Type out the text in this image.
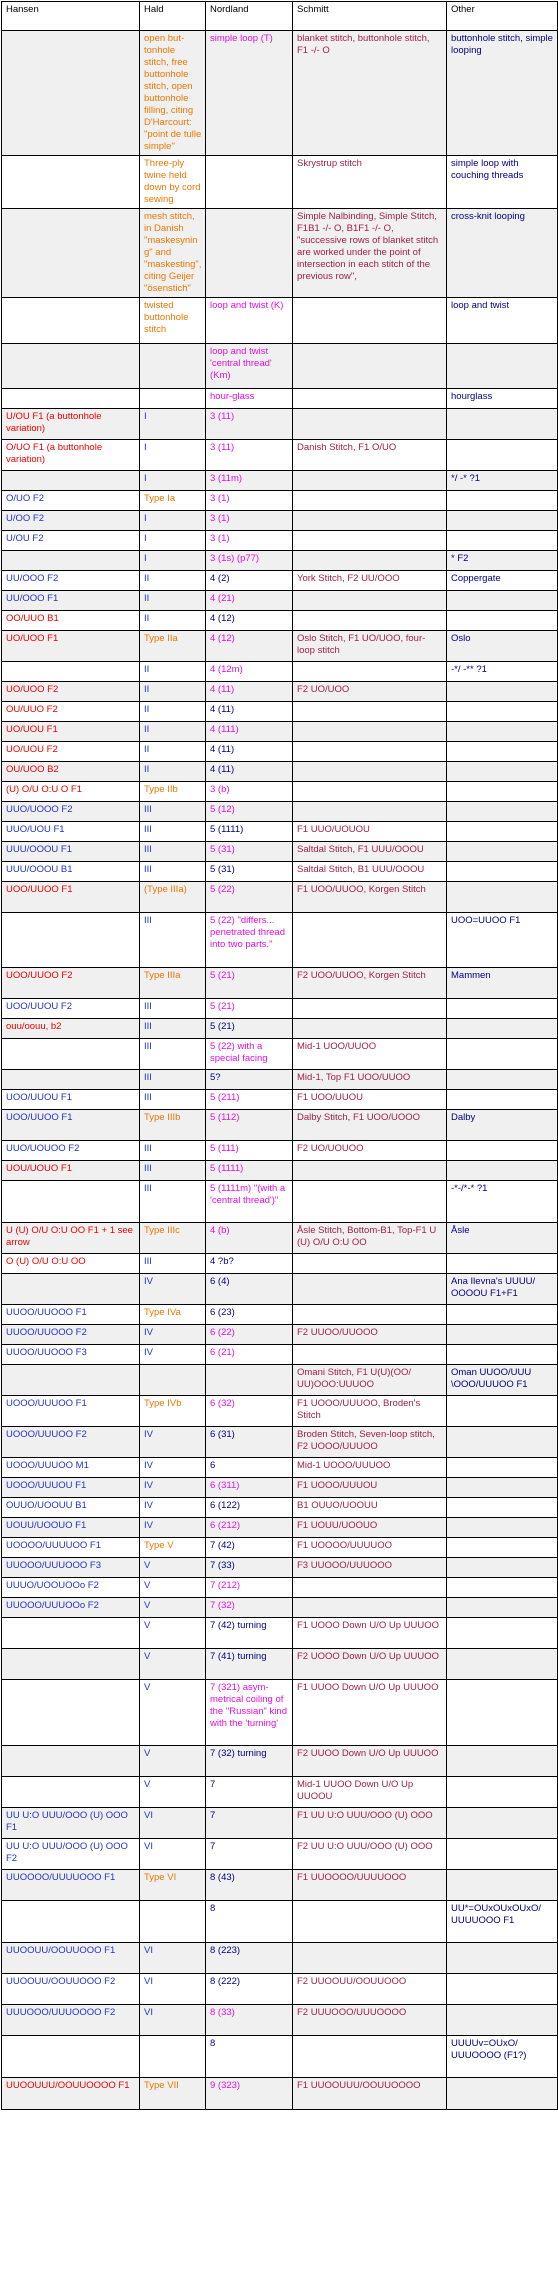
Hansen	Hald	Nordland	Schmitt	Other
	open buttonhole stitch, free buttonhole stitch, open buttonhole filling, citing D'Harcourt: "point de tulle simple"	simple loop (T)	blanket stitch, buttonhole stitch, F1 -/- O	buttonhole stitch, simple looping
	Three-ply twine held down by cord sewing		Skrystrup stitch	simple loop with couching threads
	mesh stitch, in Danish "maskesyning" and "maskesting", citing Geijer "ösenstich"		Simple Nalbinding, Simple Stitch, F1B1 -/- O, B1F1 -/- O, "successive rows of blanket stitch are worked under the point of intersection in each stitch of the previous row",	cross-knit looping
	twisted buttonhole stitch	loop and twist (K)		loop and twist
		loop and twist 'central thread' (Km)		
		hour-glass		hourglass
U/OU F1 (a buttonhole variation)	I	3 (11)		
O/UO F1 (a buttonhole variation)	I	3 (11)	Danish Stitch, F1 O/UO	
	I	3 (11m)		*/ -* ?1
O/UO F2	Type Ia	3 (1)		
U/OO F2	I	3 (1)		
U/OU F2	I	3 (1)		
	I	3 (1s) (p77)		* F2
UU/OOO F2	II	4 (2)	York Stitch, F2 UU/OOO	Coppergate
UU/OOO F1	II	4 (21)		
OO/UUO B1	II	4 (12)		
UO/UOO F1	Type IIa	4 (12)	Oslo Stitch, F1 UO/UOO, four-loop stitch	Oslo
	II	4 (12m)		-*/ -** ?1
UO/UOO F2	II	4 (11)	F2 UO/UOO	
OU/UUO F2	II	4 (11)		
UO/UOU F1	II	4 (111)		
UO/UOU F2	II	4 (11)		
OU/UOO B2	II	4 (11)		
(U) O/U O:U O F1	Type IIb	3 (b)		
UUO/UOOO F2	III	5 (12)		
UUO/UOU F1	III	5 (1111)	F1 UUO/UOUOU	
UUU/OOOU F1	III	5 (31)	Saltdal Stitch, F1 UUU/OOOU	
UUU/OOOU B1	III	5 (31)	Saltdal Stitch, B1 UUU/OOOU	
UOO/UUOO F1	(Type IIIa)	5 (22)	F1 UOO/UUOO, Korgen Stitch	
	III	5 (22) "differs... penetrated thread into two parts."		UOO=UUOO F1
UOO/UUOO F2	Type IIIa	5 (21)	F2 UOO/UUOO, Korgen Stitch	Mammen
UOO/UUOU F2	III	5 (21)		
ouu/oouu, b2	III	5 (21)		
	III	5 (22) with a special facing	Mid-1 UOO/UUOO	
	III	5?	Mid-1, Top F1 UOO/UUOO	
UOO/UUOU F1	III	5 (211)	F1 UOO/UUOU	
UOO/UUOO F1	Type IIIb	5 (112)	Dalby Stitch, F1 UOO/UOOO	Dalby
UUO/UOUOO F2	III	5 (111)	F2 UO/UOUOO	
UOU/UOUO F1	III	5 (1111)		
	III	5 (1111m) "(with a 'central thread')"		-*-/*-* ?1
U (U) O/U O:U OO F1 + 1 see arrow	Type IIIc	4 (b)	Åsle Stitch, Bottom-B1, Top-F1 U (U) O/U O:U OO	Åsle
O (U) O/U O:U OO	III	4 ?b?		
	IV	6 (4)		Ana Ilevna's UUUU/ OOOOU F1+F1
UUOO/UUOOO F1	Type IVa	6 (23)		
UUOO/UUOOO F2	IV	6 (22)	F2 UUOO/UUOOO	
UUOO/UUOOO F3	IV	6 (21)		
			Omani Stitch, F1 U(U)(OO/ UU)OOO:UUUOO	Oman UUOO/UUU \OOO/UUUOO F1
UOOO/UUUOO F1	Type IVb	6 (32)	F1 UOOO/UUUOO, Broden's Stitch	
UOOO/UUUOO F2	IV	6 (31)	Broden Stitch, Seven-loop stitch, F2 UOOO/UUUOO	
UOOO/UUUOO M1	IV	6	Mid-1 UOOO/UUUOO	
UOOO/UUUOU F1	IV	6 (311)	F1 UOOO/UUUOU	
OUUO/UOOUU B1	IV	6 (122)	B1 OUUO/UOOUU	
UOUU/UOOUO F1	IV	6 (212)	F1 UOUU/UOOUO	
UOOOO/UUUUOO F1	Type V	7 (42)	F1 UOOOO/UUUUOO	
UUOOO/UUUOOO F3	V	7 (33)	F3 UUOOO/UUUOOO	
UUUO/UOOUOOo F2	V	7 (212)		
UUOOO/UUUOOo F2	V	7 (32)		
	V	7 (42) turning	F1 UOOO Down U/O Up UUUOO	
	V	7 (41) turning	F2 UOOO Down U/O Up UUUOO	
	V	7 (321) asymmetrical coiling of the "Russian" kind with the 'turning'	F1 UUOO Down U/O Up UUUOO	
	V	7 (32) turning	F2 UUOO Down U/O Up UUUOO	
	V	7	Mid-1 UUOO Down U/O Up UUOOU	
UU U:O UUU/OOO (U) OOO F1	VI	7	F1 UU U:O UUU/OOO (U) OOO	
UU U:O UUU/OOO (U) OOO F2	VI	7	F2 UU U:O UUU/OOO (U) OOO	
UUOOOO/UUUUOOO F1	Type VI	8 (43)	F1 UUOOOO/UUUUOOO	
		8		UU*=OUxOUxOUxO/ UUUUOOO F1
UUOOUU/OOUUOOO F1	VI	8 (223)		
UUOOUU/OOUUOOO F2	VI	8 (222)	F2 UUOOUU/OOUUOOO	
UUUOOO/UUUOOOO F2	VI	8 (33)	F2 UUUOOO/UUUOOOO	
		8		UUUUv=OUxO/ UUUOOOO (F1?)
UUOOUUU/OOUUOOOO F1	Type VII	9 (323)	F1 UUOOUUU/OOUUOOOO	
